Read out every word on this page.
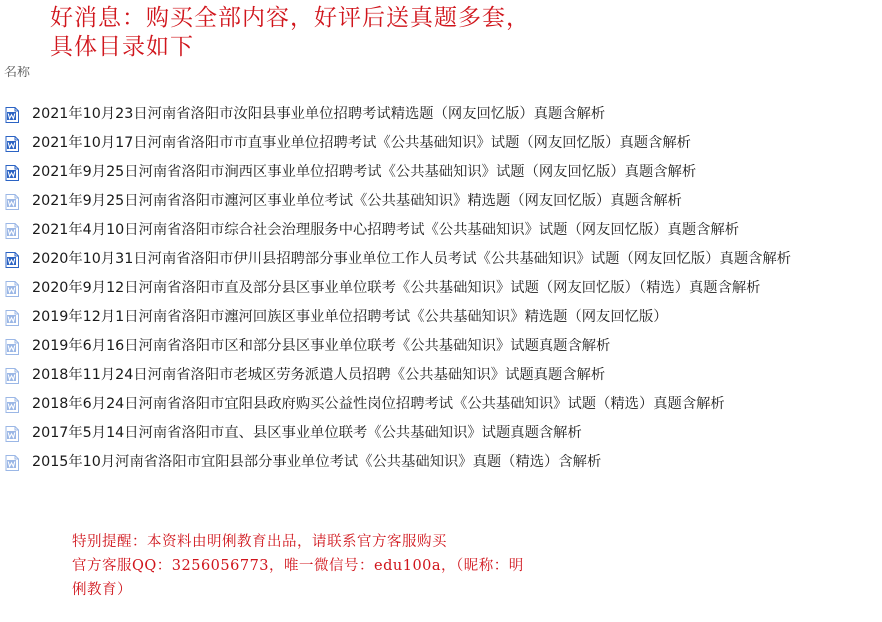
好消息：购买全部内容，好评后送真题多套，
具体目录如下
名称
2021年10月23日河南省洛阳市汝阳县事业单位招聘考试精选题（网友回忆版）真题含解析
2021年10月17日河南省洛阳市市直事业单位招聘考试《公共基础知识》试题（网友回忆版）真题含解析
2021年9月25日河南省洛阳市涧西区事业单位招聘考试《公共基础知识》试题（网友回忆版）真题含解析
2021年9月25日河南省洛阳市瀍河区事业单位考试《公共基础知识》精选题（网友回忆版）真题含解析
2021年4月10日河南省洛阳市综合社会治理服务中心招聘考试《公共基础知识》试题（网友回忆版）真题含解析
2020年10月31日河南省洛阳市伊川县招聘部分事业单位工作人员考试《公共基础知识》试题（网友回忆版）真题含解析
2020年9月12日河南省洛阳市直及部分县区事业单位联考《公共基础知识》试题（网友回忆版）（精选）真题含解析
2019年12月1日河南省洛阳市瀍河回族区事业单位招聘考试《公共基础知识》精选题（网友回忆版）
2019年6月16日河南省洛阳市区和部分县区事业单位联考《公共基础知识》试题真题含解析
2018年11月24日河南省洛阳市老城区劳务派遣人员招聘《公共基础知识》试题真题含解析
2018年6月24日河南省洛阳市宜阳县政府购买公益性岗位招聘考试《公共基础知识》试题（精选）真题含解析
2017年5月14日河南省洛阳市直、县区事业单位联考《公共基础知识》试题真题含解析
2015年10月河南省洛阳市宜阳县部分事业单位考试《公共基础知识》真题（精选）含解析
特别提醒：本资料由明俐教育出品，请联系官方客服购买
官方客服QQ：3256056773，唯一微信号：edu100a，（昵称：明
俐教育）
